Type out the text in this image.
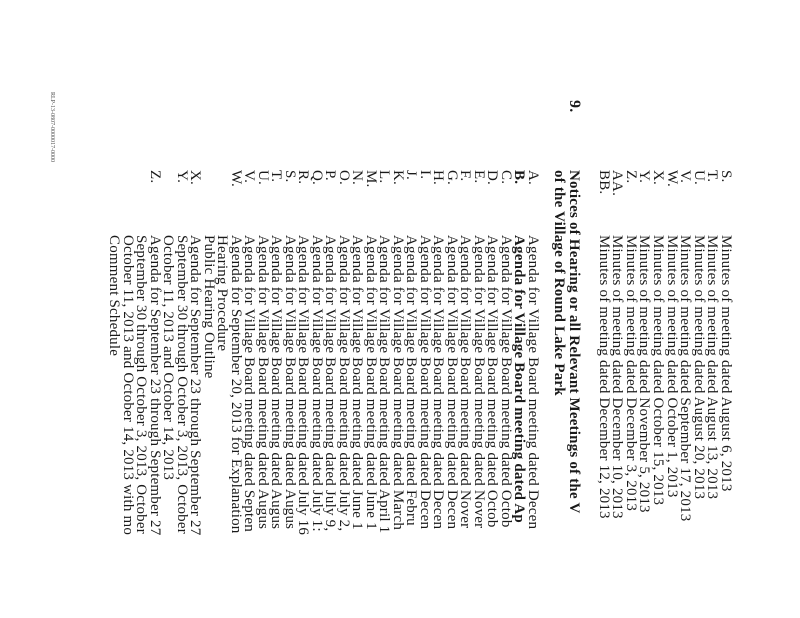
RLP-13-0807-0000017-0000	9.
Notices of Hearing or all Relevant Meetings of the V
of the Village of Round Lake Park	S.
Minutes of meeting dated August 6, 2013
T.
Minutes of meeting dated August 13, 2013
U.
Minutes of meeting dated August 20, 2013
V.
Minutes of meeting dated September 17, 2013
W.
Minutes of meeting dated October 1, 2013
X.
Minutes of meeting dated October 15, 2013
Y.
Minutes of meeting dated November 5, 2013
Z.
Minutes of meeting dated December 3, 2013
AA.
Minutes of meeting dated December 10, 2013
BB.
Minutes of meeting dated December 12, 2013
A.
Agenda for Village Board meeting dated Decen
B.
Agenda for Village Board meeting dated Ap
C.
Agenda for Village Board meeting dated Octob
D.
Agenda for Village Board meeting dated Octob
E.
Agenda for Village Board meeting dated Nover
F.
Agenda for Village Board meeting dated Nover
G.
Agenda for Village Board meeting dated Decen
H.
Agenda for Village Board meeting dated Decen
I.
Agenda for Village Board meeting dated Decen
J.
Agenda for Village Board meeting dated Febru
K.
Agenda for Village Board meeting dated March
L.
Agenda for Village Board meeting dated April 1
M.
Agenda for Village Board meeting dated June 1
N.
Agenda for Village Board meeting dated June 1
O.
Agenda for Village Board meeting dated July 2,
P.
Agenda for Village Board meeting dated July 9,
Q.
Agenda for Village Board meeting dated July 1:
R.
Agenda for Village Board meeting dated July 16
S.
Agenda for Village Board meeting dated Augus
T.
Agenda for Village Board meeting dated Augus
U.
Agenda for Village Board meeting dated Augus
V.
Agenda for Village Board meeting dated Septen
W.
Agenda for September 20, 2013 for Explanation
Hearing Procedure
Public Hearing Outline
X.
Agenda for September 23 through September 27
Y.
September 30 through October 3, 2013, October
October 11, 2013 and October 14, 2013
Z.
Agenda for September 23 through September 27
September 30 through October 3, 2013, October
October 11, 2013 and October 14, 2013 with mo
Comment Schedule
